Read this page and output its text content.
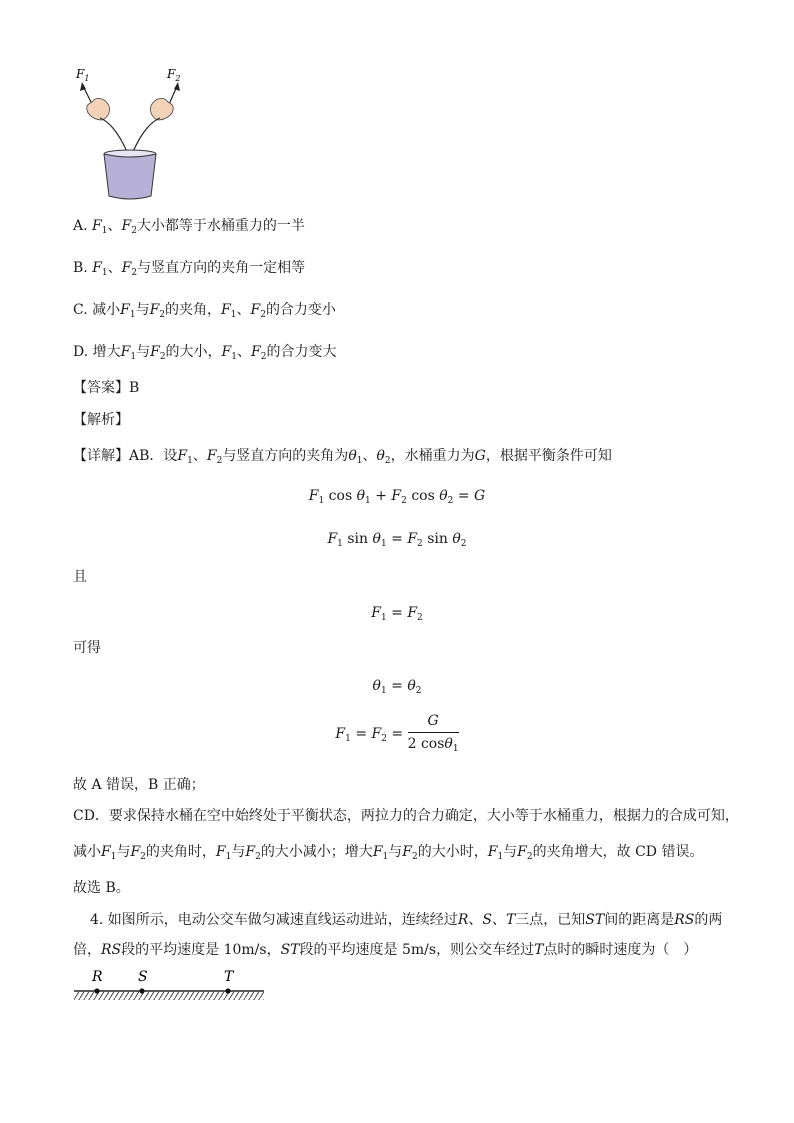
$F_1$	$F_2$
A. $F_1$、$F_2$大小都等于水桶重力的一半
B. $F_1$、$F_2$与竖直方向的夹角一定相等
C. 减小$F_1$与$F_2$的夹角，$F_1$、$F_2$的合力变小
D. 增大$F_1$与$F_2$的大小，$F_1$、$F_2$的合力变大
【答案】B
【解析】
【详解】AB．设$F_1$、$F_2$与竖直方向的夹角为$\theta_1$、$\theta_2$，水桶重力为G，根据平衡条件可知
$F_1$ $\cos \theta_1 + F_2$ $\cos \theta_2 = G$
$F_1$ $\sin \theta_1 = F_2$ $\sin \theta_2$
且
$F_1 = F_2$
可得
$\theta_1 = \theta_2$
$F_1 = F_2 = \frac{G}{2 \cos\theta_1}$
故 A 错误，B 正确；
CD．要求保持水桶在空中始终处于平衡状态，两拉力的合力确定，大小等于水桶重力，根据力的合成可知，
减小$F_1$与$F_2$的夹角时，$F_1$与$F_2$的大小减小；增大$F_1$与$F_2$的大小时，$F_1$与$F_2$的夹角增大，故 CD 错误。
故选 B。
4. 如图所示，电动公交车做匀减速直线运动进站，连续经过R、S、T三点，已知ST间的距离是RS的两
倍，RS段的平均速度是 10m/s，ST段的平均速度是 5m/s，则公交车经过T点时的瞬时速度为（　）
R	S	T
